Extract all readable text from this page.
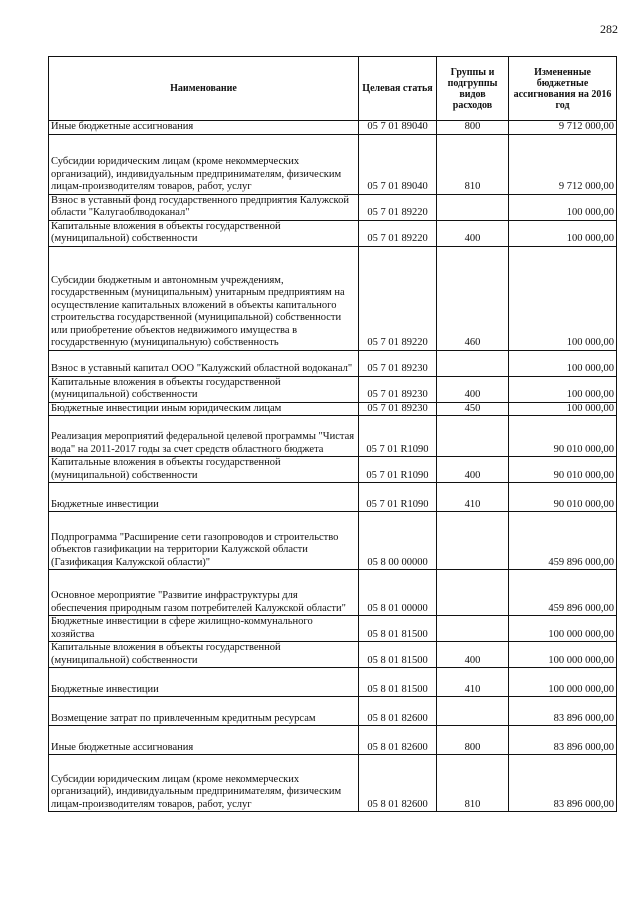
282
Наименование	Целевая статья	Группы и подгруппы видов расходов	Измененные бюджетные ассигнования на 2016 год
Иные бюджетные ассигнования	05 7 01 89040	800	9 712 000,00
Субсидии юридическим лицам (кроме некоммерческих организаций), индивидуальным предпринимателям, физическим лицам-производителям товаров, работ, услуг	05 7 01 89040	810	9 712 000,00
Взнос в уставный фонд государственного предприятия Калужской области "Калугаоблводоканал"	05 7 01 89220		100 000,00
Капитальные вложения в объекты государственной (муниципальной) собственности	05 7 01 89220	400	100 000,00
Субсидии бюджетным и автономным учреждениям, государственным (муниципальным) унитарным предприятиям на осуществление капитальных вложений в объекты капитального строительства государственной (муниципальной) собственности или приобретение объектов недвижимого имущества в государственную (муниципальную) собственность	05 7 01 89220	460	100 000,00
Взнос в уставный капитал ООО "Калужский областной водоканал"	05 7 01 89230		100 000,00
Капитальные вложения в объекты государственной (муниципальной) собственности	05 7 01 89230	400	100 000,00
Бюджетные инвестиции иным юридическим лицам	05 7 01 89230	450	100 000,00
Реализация мероприятий федеральной целевой программы "Чистая вода" на 2011-2017 годы за счет средств областного бюджета	05 7 01 R1090		90 010 000,00
Капитальные вложения в объекты государственной (муниципальной) собственности	05 7 01 R1090	400	90 010 000,00
Бюджетные инвестиции	05 7 01 R1090	410	90 010 000,00
Подпрограмма "Расширение сети газопроводов и строительство объектов газификации на территории Калужской области (Газификация Калужской области)"	05 8 00 00000		459 896 000,00
Основное мероприятие "Развитие инфраструктуры для обеспечения природным газом потребителей Калужской области"	05 8 01 00000		459 896 000,00
Бюджетные инвестиции в сфере жилищно-коммунального хозяйства	05 8 01 81500		100 000 000,00
Капитальные вложения в объекты государственной (муниципальной) собственности	05 8 01 81500	400	100 000 000,00
Бюджетные инвестиции	05 8 01 81500	410	100 000 000,00
Возмещение затрат по привлеченным кредитным ресурсам	05 8 01 82600		83 896 000,00
Иные бюджетные ассигнования	05 8 01 82600	800	83 896 000,00
Субсидии юридическим лицам (кроме некоммерческих организаций), индивидуальным предпринимателям, физическим лицам-производителям товаров, работ, услуг	05 8 01 82600	810	83 896 000,00
